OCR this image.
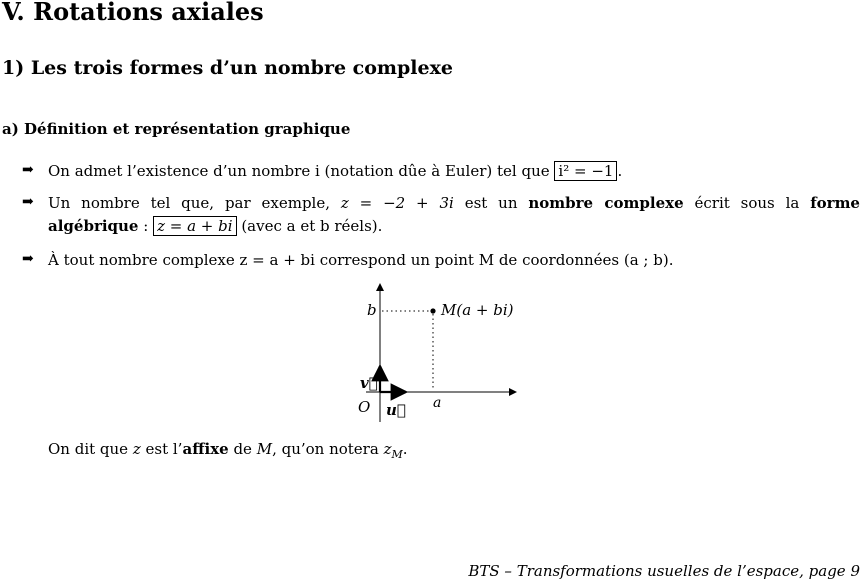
V. Rotations axiales
1) Les trois formes d’un nombre complexe
a) Définition et représentation graphique
➡ On admet l’existence d’un nombre i (notation dûe à Euler) tel que i² = −1 .
➡ Un nombre tel que, par exemple, z = −2 + 3i est un nombre complexe écrit sous la forme
algébrique : z = a + bi (avec a et b réels).
➡ À tout nombre complexe z = a + bi correspond un point M de coordonnées (a ; b).
b	M(a + bi)
v⃗
O u⃗ a
On dit que z est l’affixe de M, qu’on notera $z_M$.
BTS – Transformations usuelles de l’espace, page 9
